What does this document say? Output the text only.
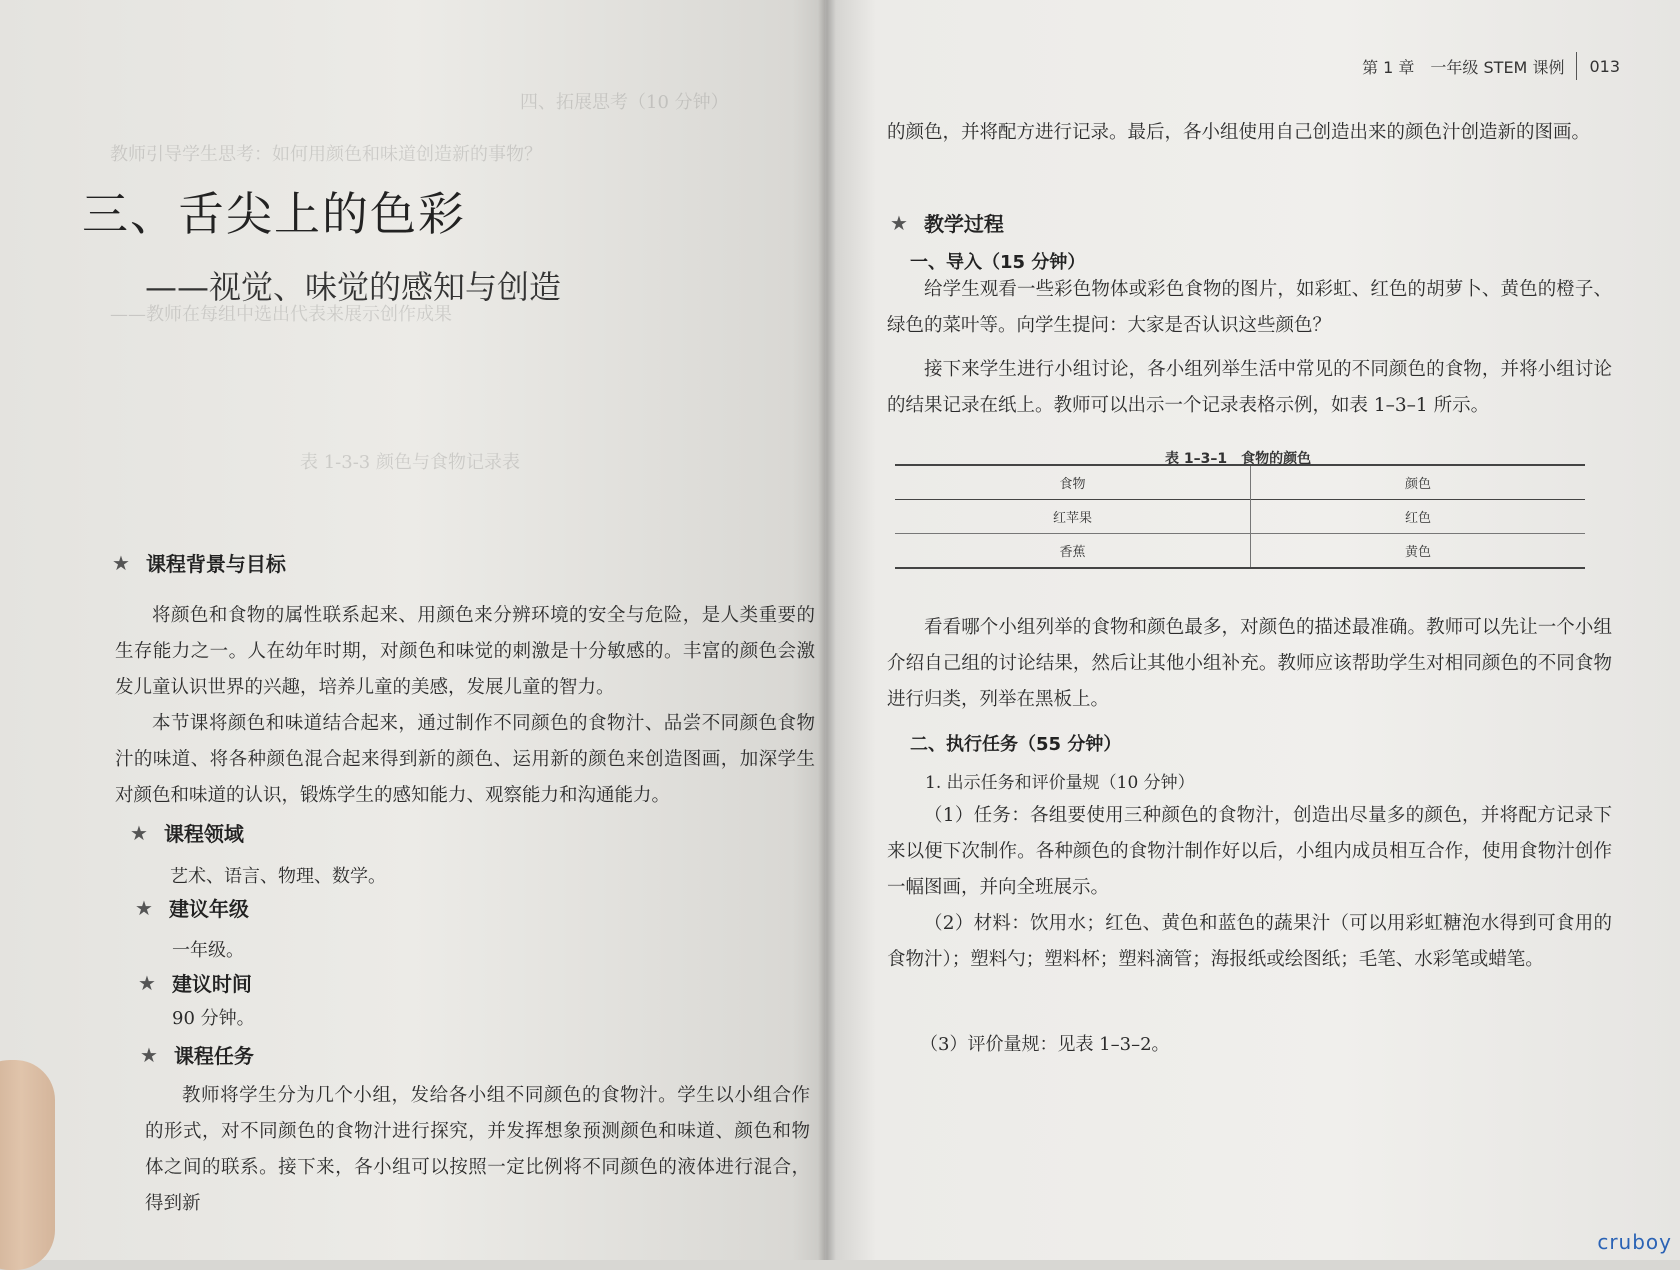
四、拓展思考（10 分钟）
教师引导学生思考：如何用颜色和味道创造新的事物？
——教师在每组中选出代表来展示创作成果
表 1-3-3 颜色与食物记录表
三、舌尖上的色彩
——视觉、味觉的感知与创造
★ 课程背景与目标
将颜色和食物的属性联系起来、用颜色来分辨环境的安全与危险，是人类重要的生存能力之一。人在幼年时期，对颜色和味觉的刺激是十分敏感的。丰富的颜色会激发儿童认识世界的兴趣，培养儿童的美感，发展儿童的智力。
本节课将颜色和味道结合起来，通过制作不同颜色的食物汁、品尝不同颜色食物汁的味道、将各种颜色混合起来得到新的颜色、运用新的颜色来创造图画，加深学生对颜色和味道的认识，锻炼学生的感知能力、观察能力和沟通能力。
★ 课程领域
艺术、语言、物理、数学。
★ 建议年级
一年级。
★ 建议时间
90 分钟。
★ 课程任务
教师将学生分为几个小组，发给各小组不同颜色的食物汁。学生以小组合作的形式，对不同颜色的食物汁进行探究，并发挥想象预测颜色和味道、颜色和物体之间的联系。接下来，各小组可以按照一定比例将不同颜色的液体进行混合，得到新
第 1 章　一年级 STEM 课例 013
的颜色，并将配方进行记录。最后，各小组使用自己创造出来的颜色汁创造新的图画。
★ 教学过程
一、导入（15 分钟）
给学生观看一些彩色物体或彩色食物的图片，如彩虹、红色的胡萝卜、黄色的橙子、绿色的菜叶等。向学生提问：大家是否认识这些颜色？
接下来学生进行小组讨论，各小组列举生活中常见的不同颜色的食物，并将小组讨论的结果记录在纸上。教师可以出示一个记录表格示例，如表 1–3–1 所示。
表 1–3–1　食物的颜色
食物	颜色
红苹果	红色
香蕉	黄色
看看哪个小组列举的食物和颜色最多，对颜色的描述最准确。教师可以先让一个小组介绍自己组的讨论结果，然后让其他小组补充。教师应该帮助学生对相同颜色的不同食物进行归类，列举在黑板上。
二、执行任务（55 分钟）
1. 出示任务和评价量规（10 分钟）
（1）任务：各组要使用三种颜色的食物汁，创造出尽量多的颜色，并将配方记录下来以便下次制作。各种颜色的食物汁制作好以后，小组内成员相互合作，使用食物汁创作一幅图画，并向全班展示。
（2）材料：饮用水；红色、黄色和蓝色的蔬果汁（可以用彩虹糖泡水得到可食用的食物汁）；塑料勺；塑料杯；塑料滴管；海报纸或绘图纸；毛笔、水彩笔或蜡笔。
（3）评价量规：见表 1–3–2。
cruboy
